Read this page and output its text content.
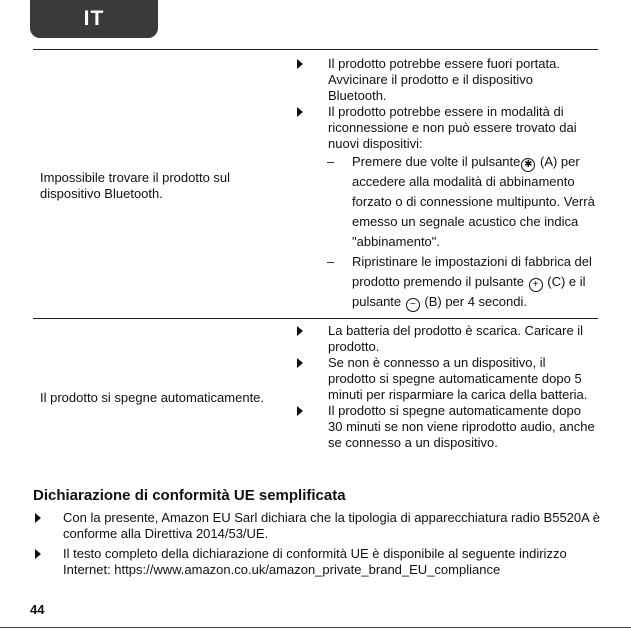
IT
Impossibile trovare il prodotto sul dispositivo Bluetooth.

Il prodotto potrebbe essere fuori portata. Avvicinare il prodotto e il dispositivo Bluetooth.

Il prodotto potrebbe essere in modalità di riconnessione e non può essere trovato dai nuovi dispositivi:

– Premere due volte il pulsante ✱ (A) per accedere alla modalità di abbinamento forzato o di connessione multipunto. Verrà emesso un segnale acustico che indica "abbinamento".

– Ripristinare le impostazioni di fabbrica del prodotto premendo il pulsante + (C) e il pulsante − (B) per 4 secondi.

Il prodotto si spegne automaticamente.

La batteria del prodotto è scarica. Caricare il prodotto.

Se non è connesso a un dispositivo, il prodotto si spegne automaticamente dopo 5 minuti per risparmiare la carica della batteria.

Il prodotto si spegne automaticamente dopo 30 minuti se non viene riprodotto audio, anche se connesso a un dispositivo.

Dichiarazione di conformità UE semplificata

Con la presente, Amazon EU Sarl dichiara che la tipologia di apparecchiatura radio B5520A è conforme alla Direttiva 2014/53/UE.

Il testo completo della dichiarazione di conformità UE è disponibile al seguente indirizzo Internet: https://www.amazon.co.uk/amazon_private_brand_EU_compliance

44
